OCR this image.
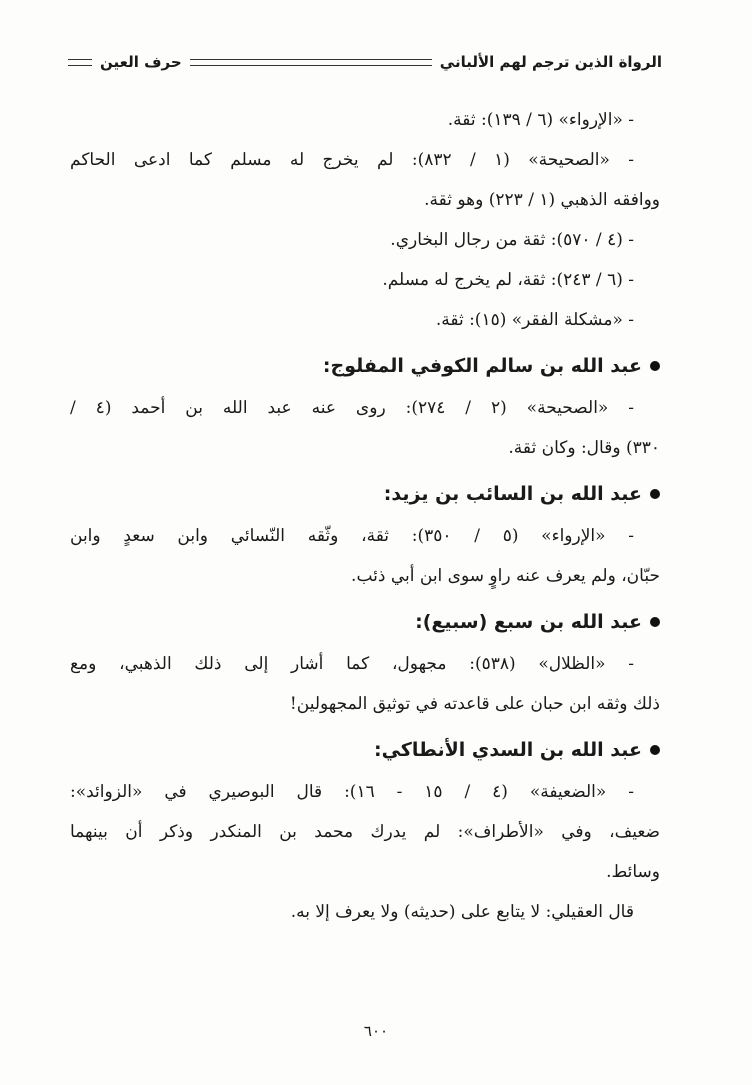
الرواة الذين ترجم لهم الألباني
حرف العين
- «الإرواء» (٦ / ١٣٩): ثقة.
- «الصحيحة» (١ / ٨٣٢): لم يخرج له مسلم كما ادعى الحاكم
ووافقه الذهبي (١ / ٢٢٣) وهو ثقة.
- (٤ / ٥٧٠): ثقة من رجال البخاري.
- (٦ / ٢٤٣): ثقة، لم يخرج له مسلم.
- «مشكلة الفقر» (١٥): ثقة.
عبد الله بن سالم الكوفي المفلوج:
- «الصحيحة» (٢ / ٢٧٤): روى عنه عبد الله بن أحمد (٤ /
٣٣٠) وقال: وكان ثقة.
عبد الله بن السائب بن يزيد:
- «الإرواء» (٥ / ٣٥٠): ثقة، وثّقه النّسائي وابن سعدٍ وابن
حبّان، ولم يعرف عنه راوٍ سوى ابن أبي ذئب.
عبد الله بن سبع (سبيع):
- «الظلال» (٥٣٨): مجهول، كما أشار إلى ذلك الذهبي، ومع
ذلك وثقه ابن حبان على قاعدته في توثيق المجهولين!
عبد الله بن السدي الأنطاكي:
- «الضعيفة» (٤ / ١٥ - ١٦): قال البوصيري في «الزوائد»:
ضعيف، وفي «الأطراف»: لم يدرك محمد بن المنكدر وذكر أن بينهما
وسائط.
قال العقيلي: لا يتابع على (حديثه) ولا يعرف إلا به.
٦٠٠
